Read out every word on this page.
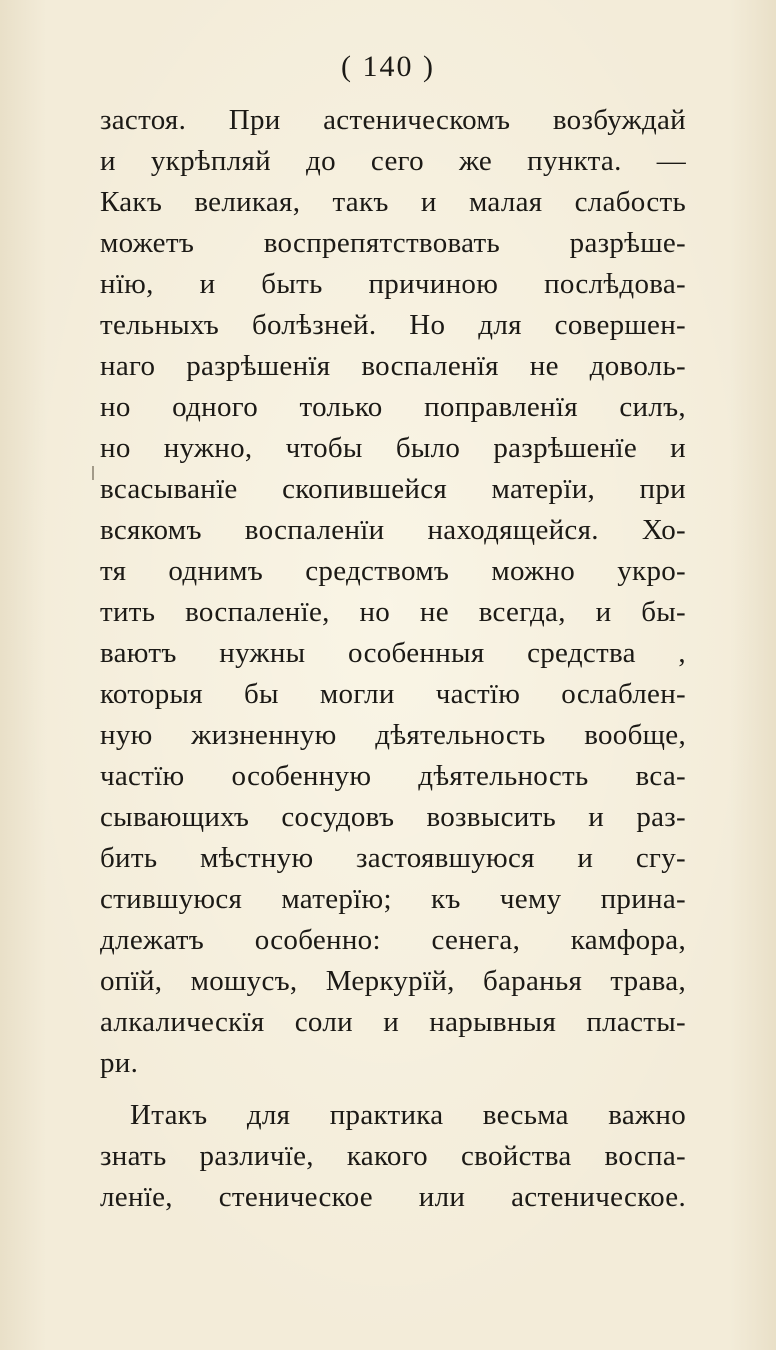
( 140 )
застоя. При астеническомъ возбуждай
и укрѣпляй до сего же пункта. —
Какъ великая, такъ и малая слабость
можетъ воспрепятствовать разрѣше-
нїю, и быть причиною послѣдова-
тельныхъ болѣзней. Но для совершен-
наго разрѣшенїя воспаленїя не доволь-
но одного только поправленїя силъ,
но нужно, чтобы было разрѣшенїе и
всасыванїе скопившейся матерїи, при
всякомъ воспаленїи находящейся. Хо-
тя однимъ средствомъ можно укро-
тить воспаленїе, но не всегда, и бы-
ваютъ нужны особенныя средства ,
которыя бы могли частїю ослаблен-
ную жизненную дѣятельность вообще,
частїю особенную дѣятельность вса-
сывающихъ сосудовъ возвысить и раз-
бить мѣстную застоявшуюся и сгу-
стившуюся матерїю; къ чему прина-
длежатъ особенно: сенега, камфора,
опїй, мошусъ, Меркурїй, баранья трава,
алкалическїя соли и нарывныя пласты-
ри.
Итакъ для практика весьма важно
знать различїе, какого свойства воспа-
ленїе, стеническое или астеническое.
